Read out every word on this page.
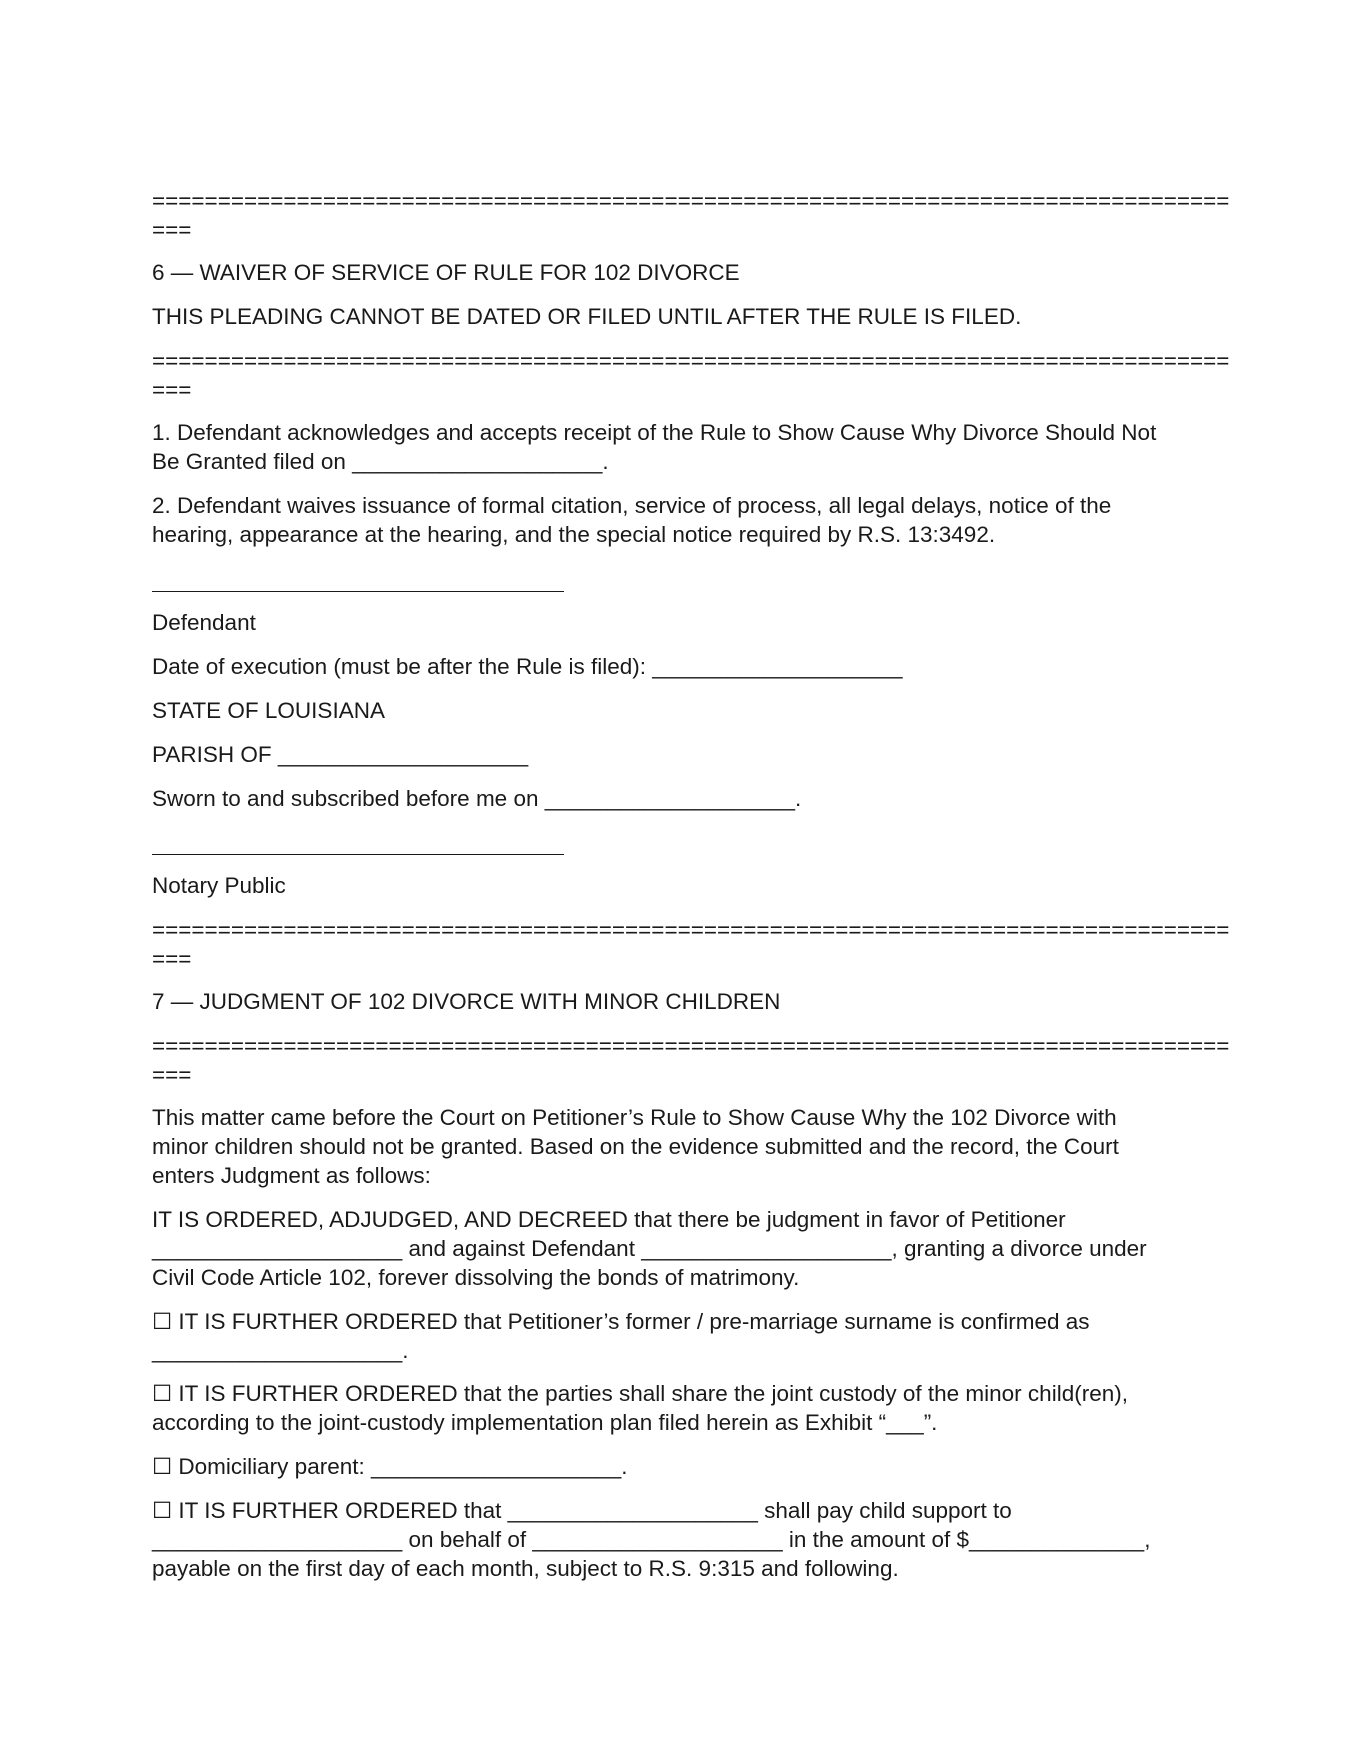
==================================================================================
===
6 — WAIVER OF SERVICE OF RULE FOR 102 DIVORCE
THIS PLEADING CANNOT BE DATED OR FILED UNTIL AFTER THE RULE IS FILED.
==================================================================================
===
1. Defendant acknowledges and accepts receipt of the Rule to Show Cause Why Divorce Should Not
Be Granted filed on ____________________.
2. Defendant waives issuance of formal citation, service of process, all legal delays, notice of the
hearing, appearance at the hearing, and the special notice required by R.S. 13:3492.
Defendant
Date of execution (must be after the Rule is filed): ____________________
STATE OF LOUISIANA
PARISH OF ____________________
Sworn to and subscribed before me on ____________________.
Notary Public
==================================================================================
===
7 — JUDGMENT OF 102 DIVORCE WITH MINOR CHILDREN
==================================================================================
===
This matter came before the Court on Petitioner’s Rule to Show Cause Why the 102 Divorce with
minor children should not be granted. Based on the evidence submitted and the record, the Court
enters Judgment as follows:
IT IS ORDERED, ADJUDGED, AND DECREED that there be judgment in favor of Petitioner
____________________ and against Defendant ____________________, granting a divorce under
Civil Code Article 102, forever dissolving the bonds of matrimony.
☐ IT IS FURTHER ORDERED that Petitioner’s former / pre-marriage surname is confirmed as
____________________.
☐ IT IS FURTHER ORDERED that the parties shall share the joint custody of the minor child(ren),
according to the joint-custody implementation plan filed herein as Exhibit “___”.
☐ Domiciliary parent: ____________________.
☐ IT IS FURTHER ORDERED that ____________________ shall pay child support to
____________________ on behalf of ____________________ in the amount of $______________,
payable on the first day of each month, subject to R.S. 9:315 and following.
